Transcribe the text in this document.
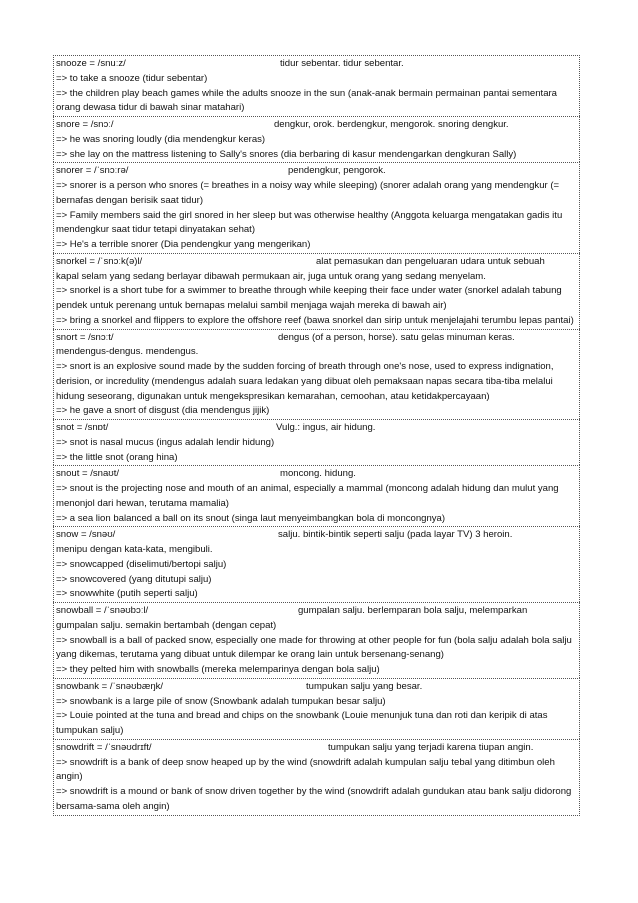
snooze = /snuːz/	tidur sebentar. tidur sebentar.

=> to take a snooze (tidur sebentar)

=> the children play beach games while the adults snooze in the sun (anak-anak bermain permainan pantai sementara orang dewasa tidur di bawah sinar matahari)

snore = /snɔː/	dengkur, orok. berdengkur, mengorok. snoring dengkur.

=> he was snoring loudly (dia mendengkur keras)

=> she lay on the mattress listening to Sally's snores (dia berbaring di kasur mendengarkan dengkuran Sally)

snorer = /ˈsnɔːrə/	pendengkur, pengorok.

=> snorer is a person who snores (= breathes in a noisy way while sleeping) (snorer adalah orang yang mendengkur (= bernafas dengan berisik saat tidur)

=> Family members said the girl snored in her sleep but was otherwise healthy (Anggota keluarga mengatakan gadis itu mendengkur saat tidur tetapi dinyatakan sehat)

=> He's a terrible snorer (Dia pendengkur yang mengerikan)

snorkel = /ˈsnɔːk(ə)l/	alat pemasukan dan pengeluaran udara untuk sebuah

kapal selam yang sedang berlayar dibawah permukaan air, juga untuk orang yang sedang menyelam.

=> snorkel is a short tube for a swimmer to breathe through while keeping their face under water (snorkel adalah tabung pendek untuk perenang untuk bernapas melalui sambil menjaga wajah mereka di bawah air)

=> bring a snorkel and flippers to explore the offshore reef (bawa snorkel dan sirip untuk menjelajahi terumbu lepas pantai)

snort = /snɔːt/	dengus (of a person, horse). satu gelas minuman keras.

mendengus-dengus. mendengus.

=> snort is an explosive sound made by the sudden forcing of breath through one's nose, used to express indignation, derision, or incredulity (mendengus adalah suara ledakan yang dibuat oleh pemaksaan napas secara tiba-tiba melalui hidung seseorang, digunakan untuk mengekspresikan kemarahan, cemoohan, atau ketidakpercayaan)

=> he gave a snort of disgust (dia mendengus jijik)

snot = /snɒt/	Vulg.: ingus, air hidung.

=> snot is nasal mucus (ingus adalah lendir hidung)

=> the little snot (orang hina)

snout = /snaʊt/	moncong. hidung.

=> snout is the projecting nose and mouth of an animal, especially a mammal (moncong adalah hidung dan mulut yang menonjol dari hewan, terutama mamalia)

=> a sea lion balanced a ball on its snout (singa laut menyeimbangkan bola di moncongnya)

snow = /snəʊ/	salju. bintik-bintik seperti salju (pada layar TV) 3 heroin.

menipu dengan kata-kata, mengibuli.

=> snowcapped (diselimuti/bertopi salju)

=> snowcovered (yang ditutupi salju)

=> snowwhite (putih seperti salju)

snowball = /ˈsnəʊbɔːl/	gumpalan salju. berlemparan bola salju, melemparkan

gumpalan salju. semakin bertambah (dengan cepat)

=> snowball is a ball of packed snow, especially one made for throwing at other people for fun (bola salju adalah bola salju yang dikemas, terutama yang dibuat untuk dilempar ke orang lain untuk bersenang-senang)

=> they pelted him with snowballs (mereka melemparinya dengan bola salju)

snowbank = /ˈsnəʊbæŋk/	tumpukan salju yang besar.

=> snowbank is a large pile of snow (Snowbank adalah tumpukan besar salju)

=> Louie pointed at the tuna and bread and chips on the snowbank (Louie menunjuk tuna dan roti dan keripik di atas tumpukan salju)

snowdrift = /ˈsnəʊdrɪft/	tumpukan salju yang terjadi karena tiupan angin.

=> snowdrift is a bank of deep snow heaped up by the wind (snowdrift adalah kumpulan salju tebal yang ditimbun oleh angin)

=> snowdrift is a mound or bank of snow driven together by the wind (snowdrift adalah gundukan atau bank salju didorong bersama-sama oleh angin)
